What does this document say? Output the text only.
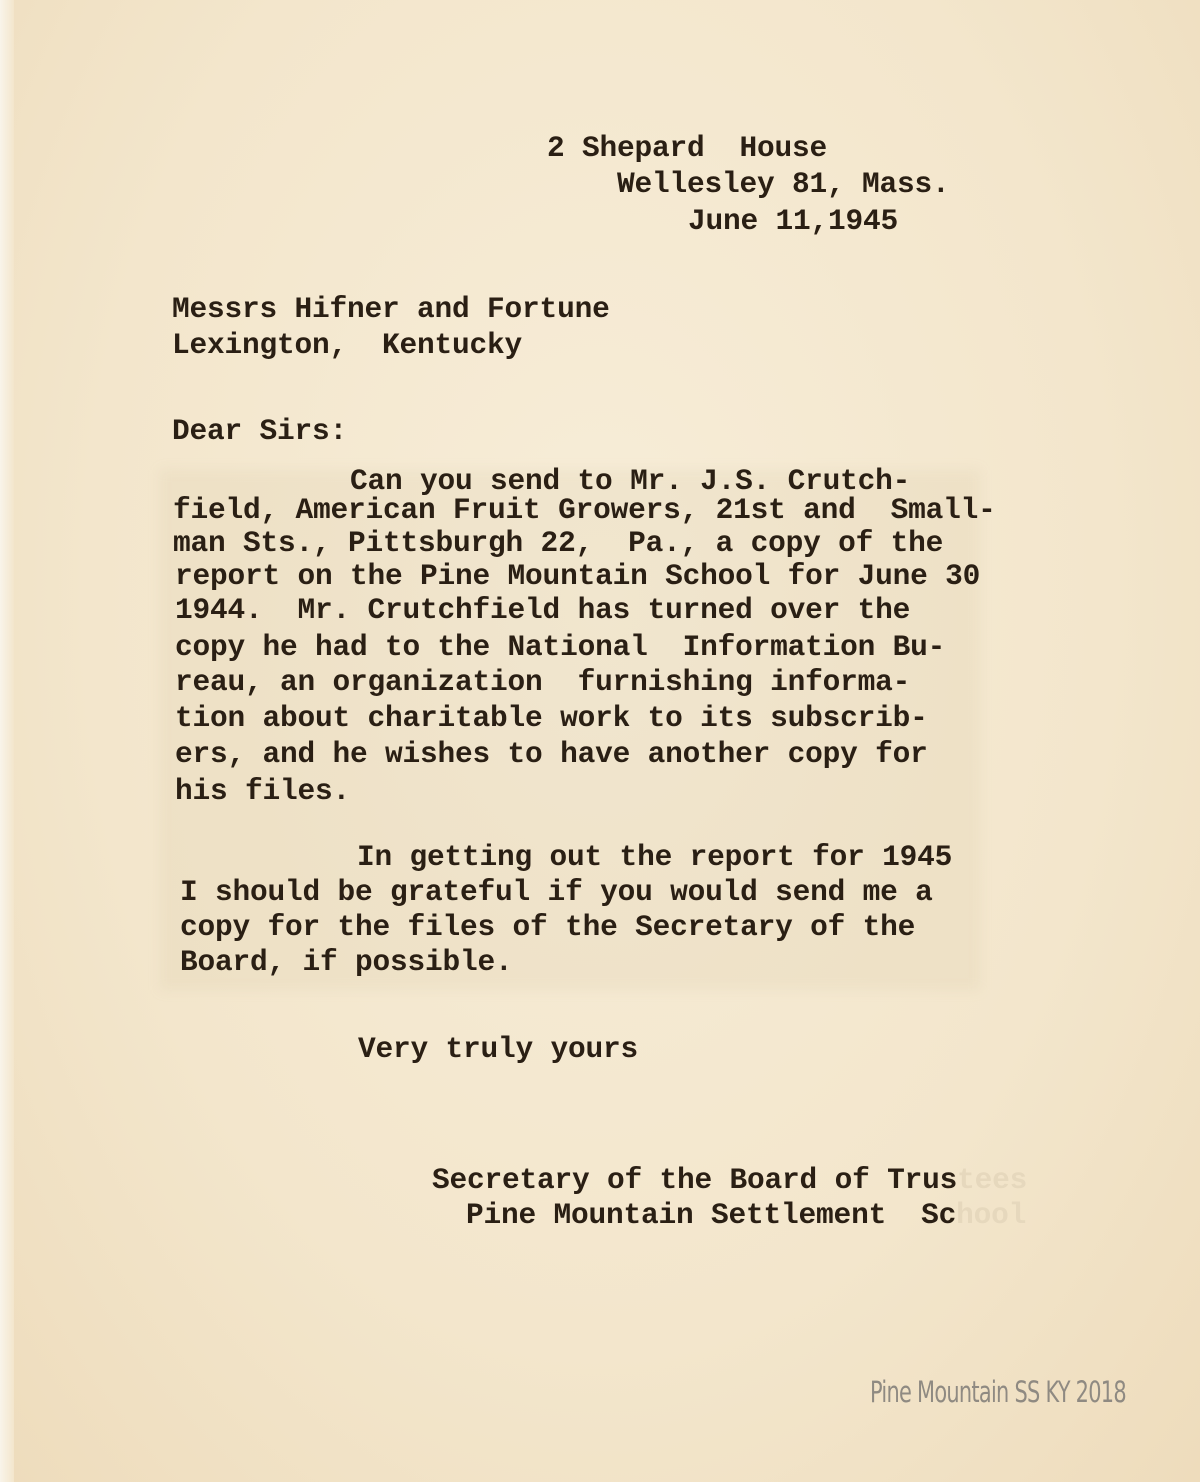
2 Shepard  House
Wellesley 81, Mass.
June 11,1945
Messrs Hifner and Fortune
Lexington,  Kentucky
Dear Sirs:
Can you send to Mr. J.S. Crutch-
field, American Fruit Growers, 21st and  Small-
man Sts., Pittsburgh 22,  Pa., a copy of the
report on the Pine Mountain School for June 30
1944.  Mr. Crutchfield has turned over the
copy he had to the National  Information Bu-
reau, an organization  furnishing informa-
tion about charitable work to its subscrib-
ers, and he wishes to have another copy for
his files.
In getting out the report for 1945
I should be grateful if you would send me a
copy for the files of the Secretary of the
Board, if possible.
Very truly yours
Secretary of the Board of Trustees
Pine Mountain Settlement  School
Pine Mountain SS KY 2018
